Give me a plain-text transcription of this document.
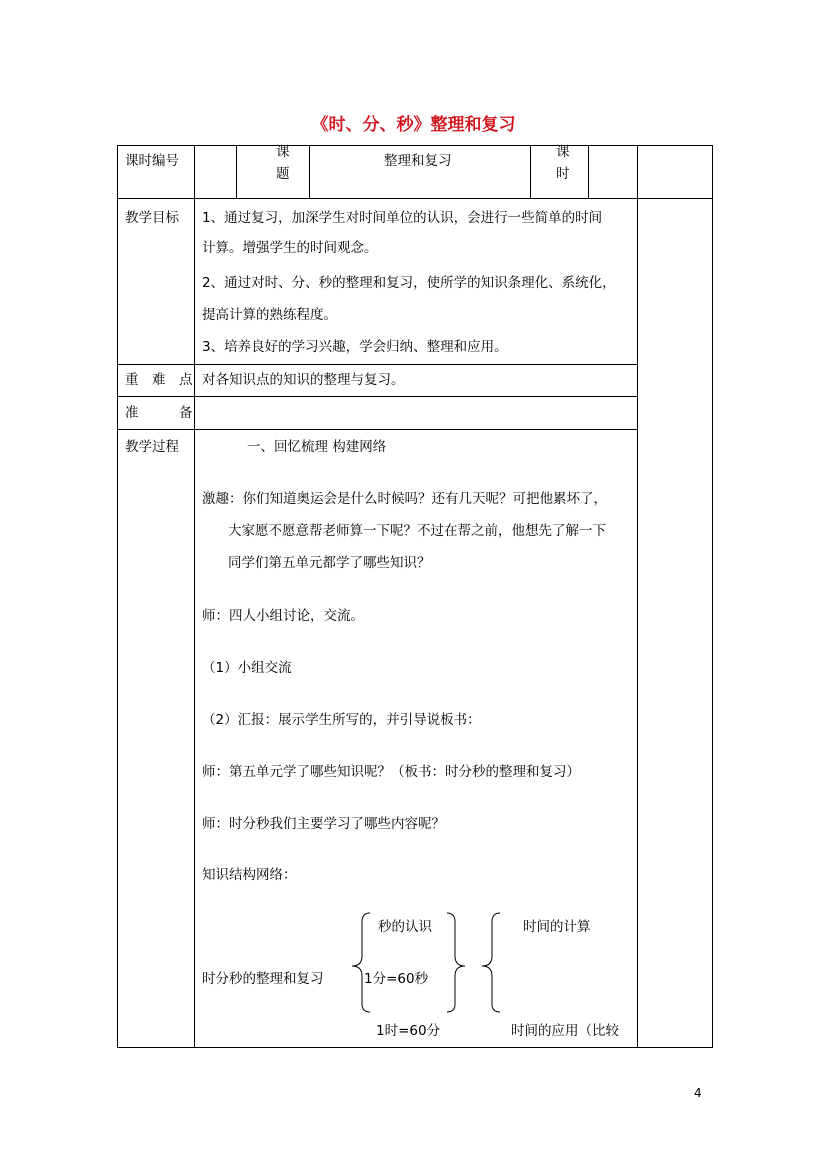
《时、分、秒》整理和复习
课时编号
课
题
整理和复习
课
时
教学目标 1、通过复习，加深学生对时间单位的认识，会进行一些简单的时间
计算。增强学生的时间观念。
2、通过对时、分、秒的整理和复习，使所学的知识条理化、系统化，
提高计算的熟练程度。
3、培养良好的学习兴趣，学会归纳、整理和应用。
重　难　点 对各知识点的知识的整理与复习。
准　　　备
教学过程	一、回忆梳理 构建网络
激趣：你们知道奥运会是什么时候吗？还有几天呢？可把他累坏了，
大家愿不愿意帮老师算一下呢？不过在帮之前，他想先了解一下
同学们第五单元都学了哪些知识？
师：四人小组讨论，交流。
（1）小组交流
（2）汇报：展示学生所写的，并引导说板书：
师：第五单元学了哪些知识呢？（板书：时分秒的整理和复习）
师：时分秒我们主要学习了哪些内容呢？
知识结构网络：
时分秒的整理和复习
秒的认识
1分=60秒
1时=60分
时间的计算
时间的应用（比较
4
